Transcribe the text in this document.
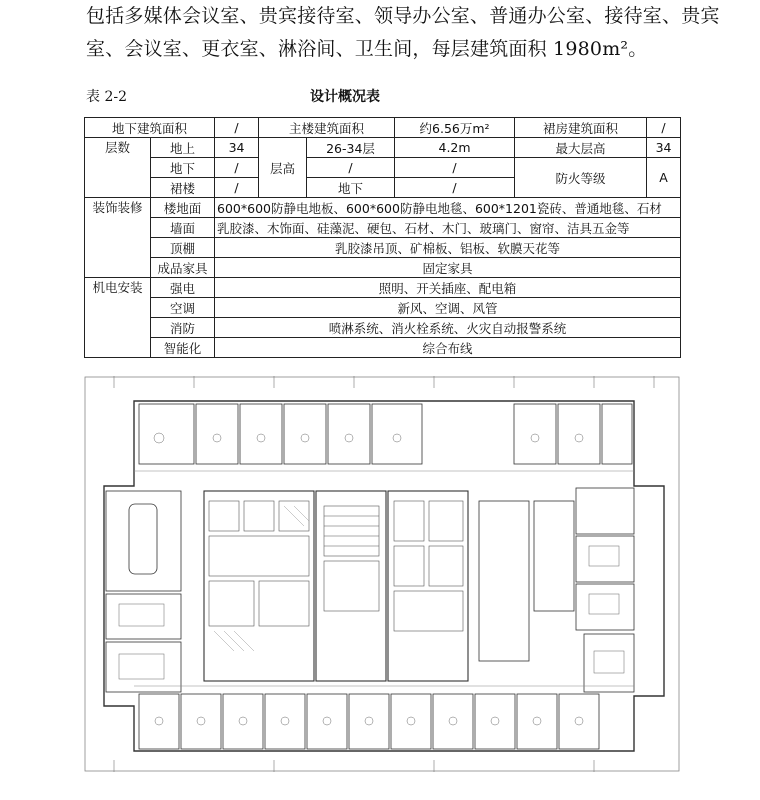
包括多媒体会议室、贵宾接待室、领导办公室、普通办公室、接待室、贵宾
室、会议室、更衣室、淋浴间、卫生间，每层建筑面积 1980m²。
表 2-2	设计概况表
地下建筑面积		/	主楼建筑面积		约6.56万m²	裙房建筑面积	/
层数	地上	34	层高	26-34层	4.2m	最大层高	34
	地下	/		/	/	防火等级	A
	裙楼	/		地下	/		
装饰装修	楼地面	600*600防静电地板、600*600防静电地毯、600*1201瓷砖、普通地毯、石材					
	墙面	乳胶漆、木饰面、硅藻泥、硬包、石材、木门、玻璃门、窗帘、洁具五金等					
	顶棚	乳胶漆吊顶、矿棉板、铝板、软膜天花等					
	成品家具	固定家具					
机电安装	强电	照明、开关插座、配电箱					
	空调	新风、空调、风管					
	消防	喷淋系统、消火栓系统、火灾自动报警系统					
	智能化	综合布线					
